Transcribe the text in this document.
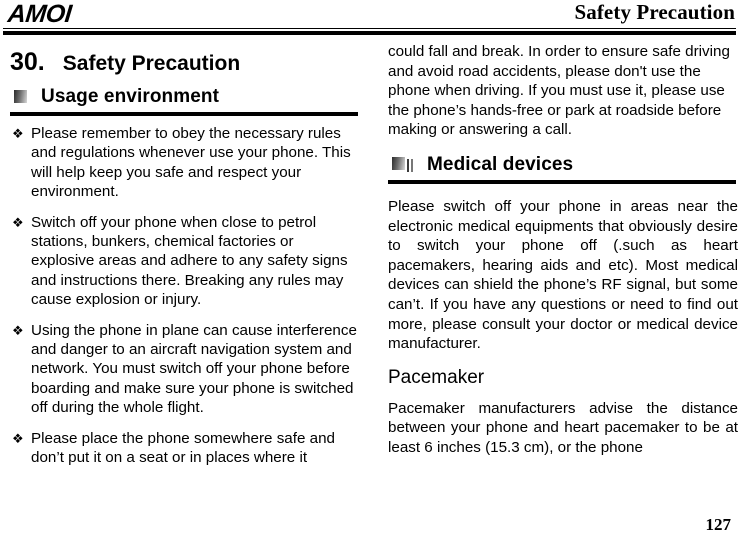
AMOI	Safety Precaution
30. Safety Precaution
Usage environment
❖ Please remember to obey the necessary rules and regulations whenever use your phone. This will help keep you safe and respect your environment.
❖ Switch off your phone when close to petrol stations, bunkers, chemical factories or explosive areas and adhere to any safety signs and instructions there. Breaking any rules may cause explosion or injury.
❖ Using the phone in plane can cause interference and danger to an aircraft navigation system and network. You must switch off your phone before boarding and make sure your phone is switched off during the whole flight.
❖ Please place the phone somewhere safe and don’t put it on a seat or in places where it

could fall and break. In order to ensure safe driving and avoid road accidents, please don't use the phone when driving. If you must use it, please use the phone’s hands-free or park at roadside before making or answering a call.

Medical devices

Please switch off your phone in areas near the electronic medical equipments that obviously desire to switch your phone off (.such as heart pacemakers, hearing aids and etc). Most medical devices can shield the phone’s RF signal, but some can’t. If you have any questions or need to find out more, please consult your doctor or medical device manufacturer.

Pacemaker

Pacemaker manufacturers advise the distance between your phone and heart pacemaker to be at least 6 inches (15.3 cm), or the phone

127
